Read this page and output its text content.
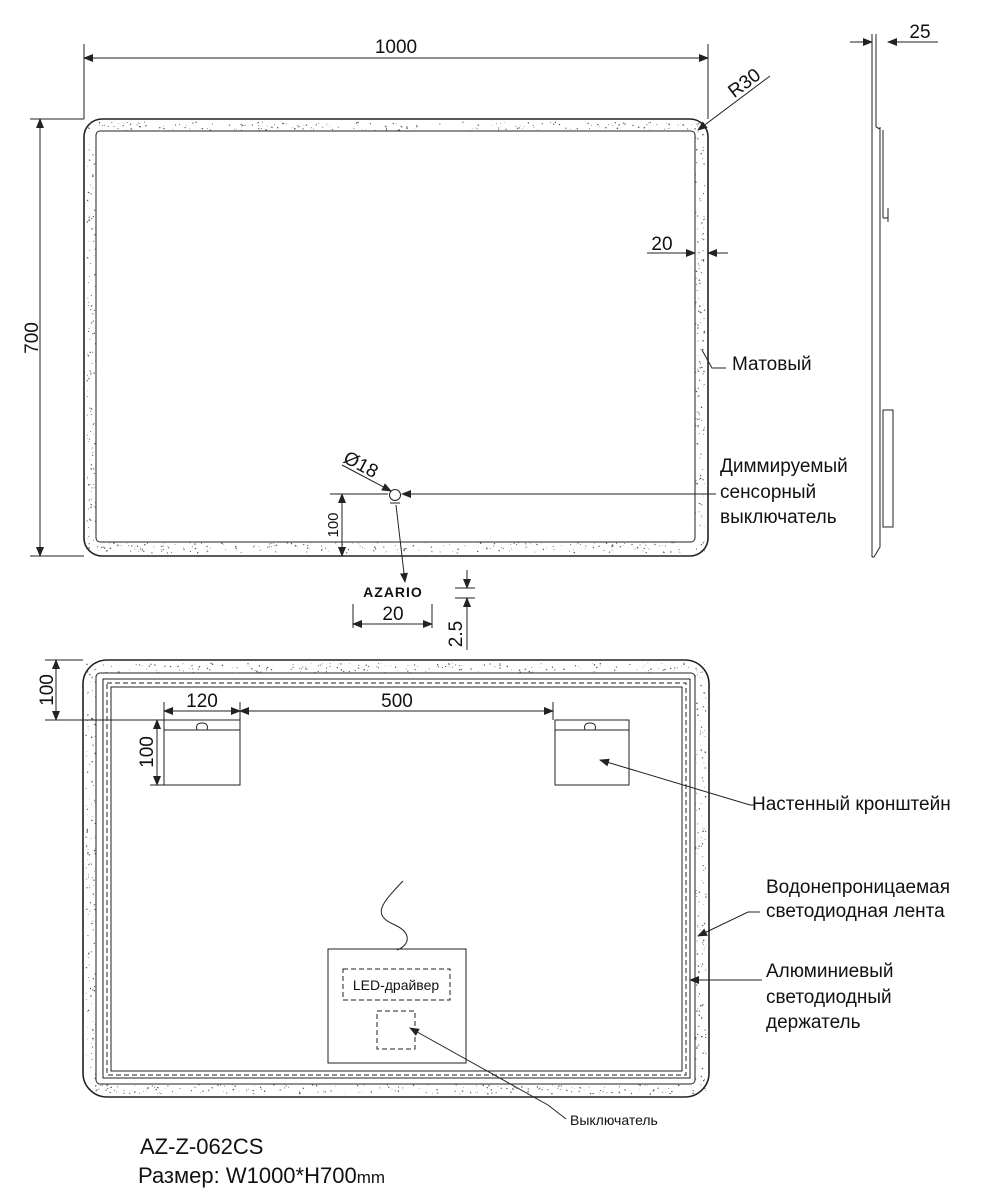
1000
700
R30
20
Матовый
Ø18	Диммируемый
сенсорный
выключатель
100
AZARIO
20
2.5
25
100	120	500
100
Настенный кронштейн
Водонепроницаемая
светодиодная лента
Алюминиевый
светодиодный
держатель
LED-драйвер
Выключатель
AZ-Z-062CS
Размер: W1000*H700mm
